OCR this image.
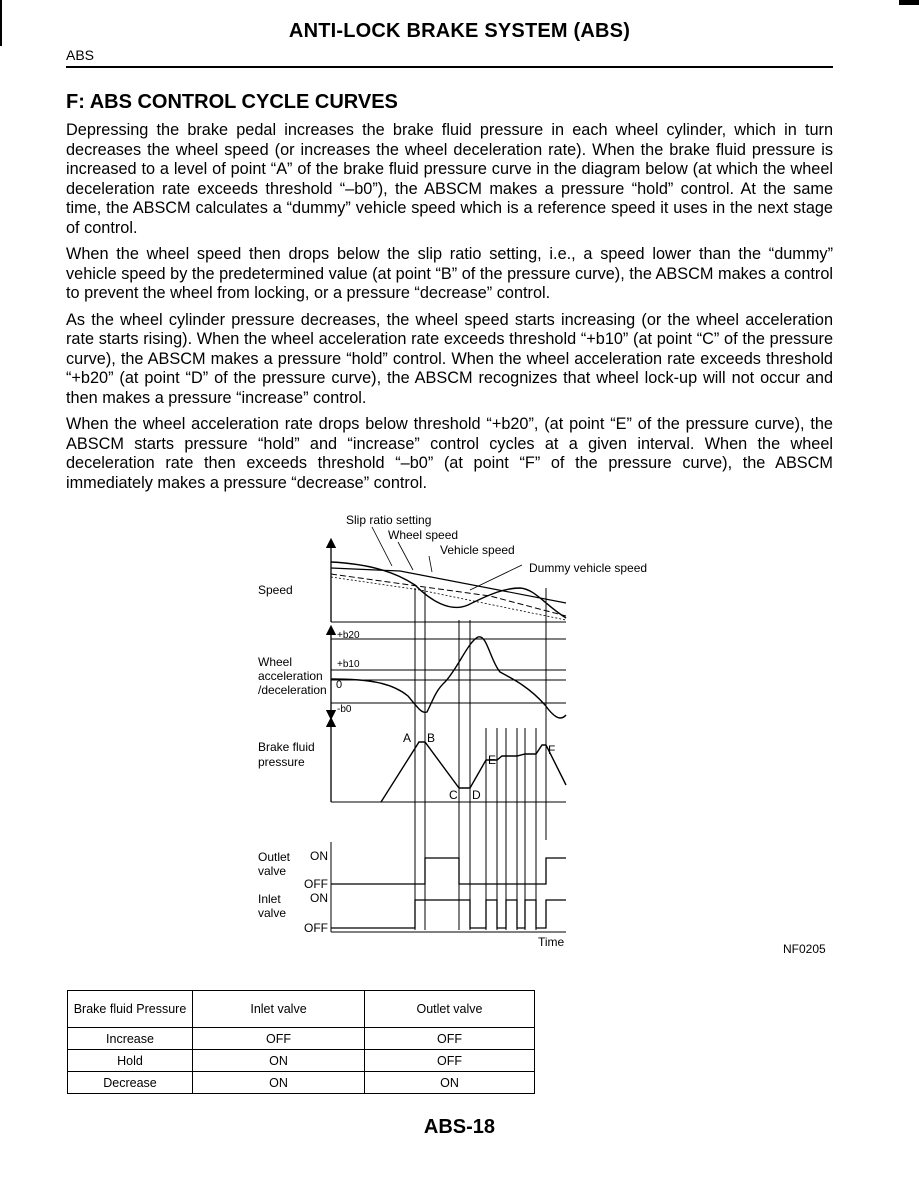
ANTI-LOCK BRAKE SYSTEM (ABS)
ABS
F: ABS CONTROL CYCLE CURVES

Depressing the brake pedal increases the brake fluid pressure in each wheel cylinder, which in turn decreases the wheel speed (or increases the wheel deceleration rate). When the brake fluid pressure is increased to a level of point “A” of the brake fluid pressure curve in the diagram below (at which the wheel deceleration rate exceeds threshold “–b0”), the ABSCM makes a pressure “hold” control. At the same time, the ABSCM calculates a “dummy” vehicle speed which is a reference speed it uses in the next stage of control.

When the wheel speed then drops below the slip ratio setting, i.e., a speed lower than the “dummy” vehicle speed by the predetermined value (at point “B” of the pressure curve), the ABSCM makes a control to prevent the wheel from locking, or a pressure “decrease” control.

As the wheel cylinder pressure decreases, the wheel speed starts increasing (or the wheel acceleration rate starts rising). When the wheel acceleration rate exceeds threshold “+b10” (at point “C” of the pressure curve), the ABSCM makes a pressure “hold” control. When the wheel acceleration rate exceeds threshold “+b20” (at point “D” of the pressure curve), the ABSCM recognizes that wheel lock-up will not occur and then makes a pressure “increase” control.

When the wheel acceleration rate drops below threshold “+b20”, (at point “E” of the pressure curve), the ABSCM starts pressure “hold” and “increase” control cycles at a given interval. When the wheel deceleration rate then exceeds threshold “–b0” (at point “F” of the pressure curve), the ABSCM immediately makes a pressure “decrease” control.

Slip ratio setting
Wheel speed
Vehicle speed
Dummy vehicle speed
Speed
Wheel
acceleration
/deceleration
+b20
+b10
0
-b0
Brake fluid
pressure
A B
C D
E
F
Outlet
valve
ON
OFF
Inlet
valve
ON
OFF
Time	NF0205
Brake fluid Pressure	Inlet valve	Outlet valve
Increase	OFF	OFF
Hold	ON	OFF
Decrease	ON	ON
ABS-18
